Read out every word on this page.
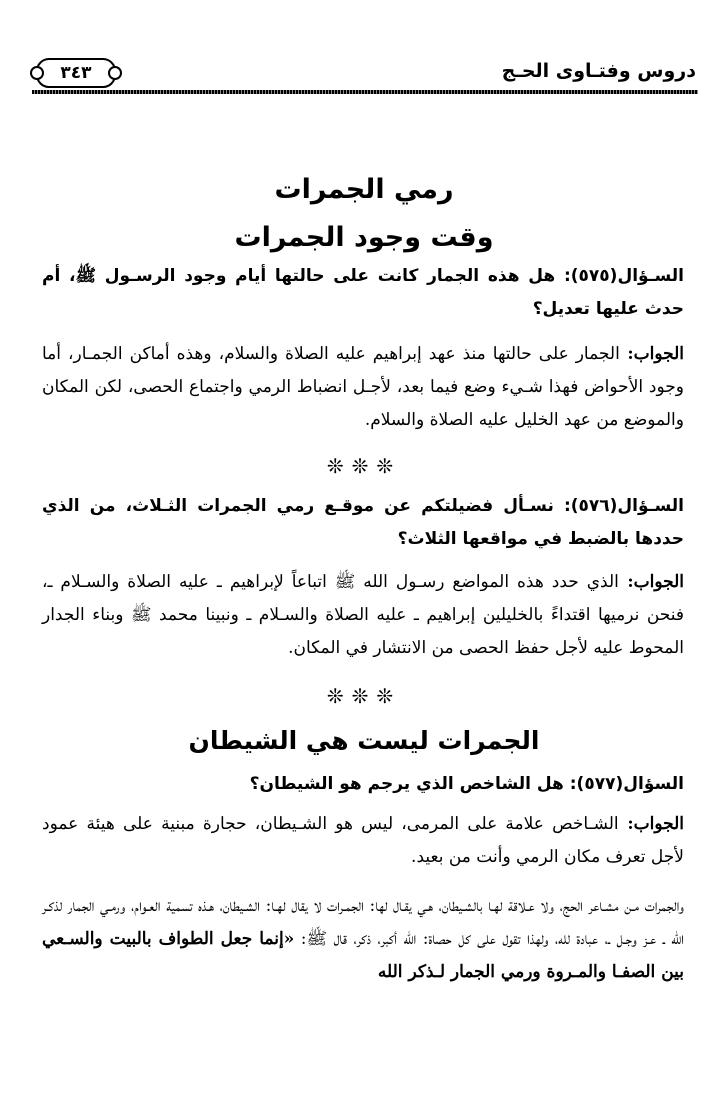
دروس وفتـاوى الحـج
٣٤٣
رمي الجمرات
وقت وجود الجمرات
السـؤال(٥٧٥): هل هذه الجمار كانت على حالتها أيام وجود الرسـول ﷺ، أم حدث عليها تعديل؟
الجواب: الجمار على حالتها منذ عهد إبراهيم عليه الصلاة والسلام، وهذه أماكن الجمـار، أما وجود الأحواض فهذا شـيء وضع فيما بعد، لأجـل انضباط الرمي واجتماع الحصى، لكن المكان والموضع من عهد الخليل عليه الصلاة والسلام.
❊❊❊
السـؤال(٥٧٦): نسـأل فضيلتكم عن موقـع رمي الجمرات الثـلاث، من الذي حددها بالضبط في مواقعها الثلاث؟
الجواب: الذي حدد هذه المواضع رسـول الله ﷺ اتباعاً لإبراهيم ـ عليه الصلاة والسـلام ـ، فنحن نرميها اقتداءً بالخليلين إبراهيم ـ عليه الصلاة والسـلام ـ ونبينا محمد ﷺ وبناء الجدار المحوط عليه لأجل حفظ الحصى من الانتشار في المكان.
❊❊❊
الجمرات ليست هي الشيطان
السؤال(٥٧٧): هل الشاخص الذي يرجم هو الشيطان؟
الجواب: الشـاخص علامة على المرمى، ليس هو الشـيطان، حجارة مبنية على هيئة عمود لأجل تعرف مكان الرمي وأنت من بعيد.
والجمرات مـن مشـاعر الحج، ولا عـلاقة لهـا بالشـيطان، هـي يقـال لها: الجمـرات لا يقال لهـا: الشـيطان، هـذه تسمية العـوام، ورمـي الجمار لذكـر الله ـ عـز وجـل ـ، عبادة لله، ولهذا تقول على كل حصاة: الله أكبر، ذكر، قال ﷺ: «إنما جعل الطواف بالبيت والسـعي بين الصفـا والمـروة ورمي الجمار لـذكر الله
